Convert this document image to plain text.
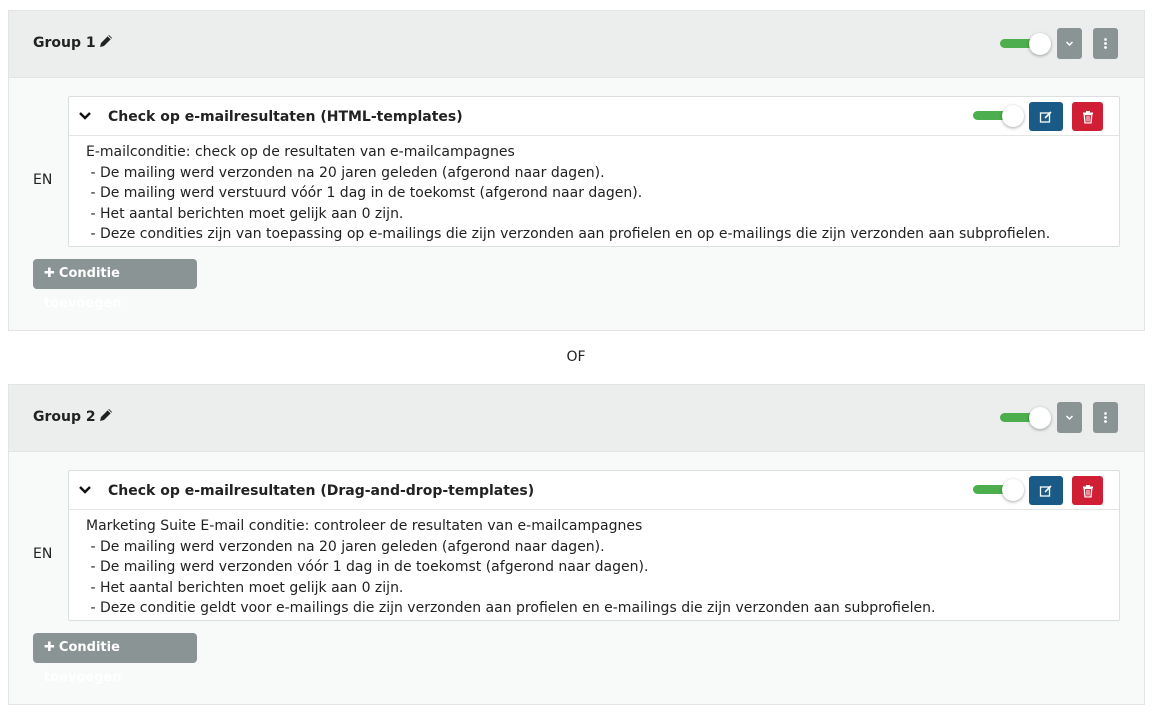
Group 1
EN
Check op e-mailresultaten (HTML-templates)
E-mailconditie: check op de resultaten van e-mailcampagnes
- De mailing werd verzonden na 20 jaren geleden (afgerond naar dagen).
- De mailing werd verstuurd vóór 1 dag in de toekomst (afgerond naar dagen).
- Het aantal berichten moet gelijk aan 0 zijn.
- Deze condities zijn van toepassing op e-mailings die zijn verzonden aan profielen en op e-mailings die zijn verzonden aan subprofielen.
✚ Conditie toevoegen
OF
Group 2
EN
Check op e-mailresultaten (Drag-and-drop-templates)
Marketing Suite E-mail conditie: controleer de resultaten van e-mailcampagnes
- De mailing werd verzonden na 20 jaren geleden (afgerond naar dagen).
- De mailing werd verzonden vóór 1 dag in de toekomst (afgerond naar dagen).
- Het aantal berichten moet gelijk aan 0 zijn.
- Deze conditie geldt voor e-mailings die zijn verzonden aan profielen en e-mailings die zijn verzonden aan subprofielen.
✚ Conditie toevoegen
